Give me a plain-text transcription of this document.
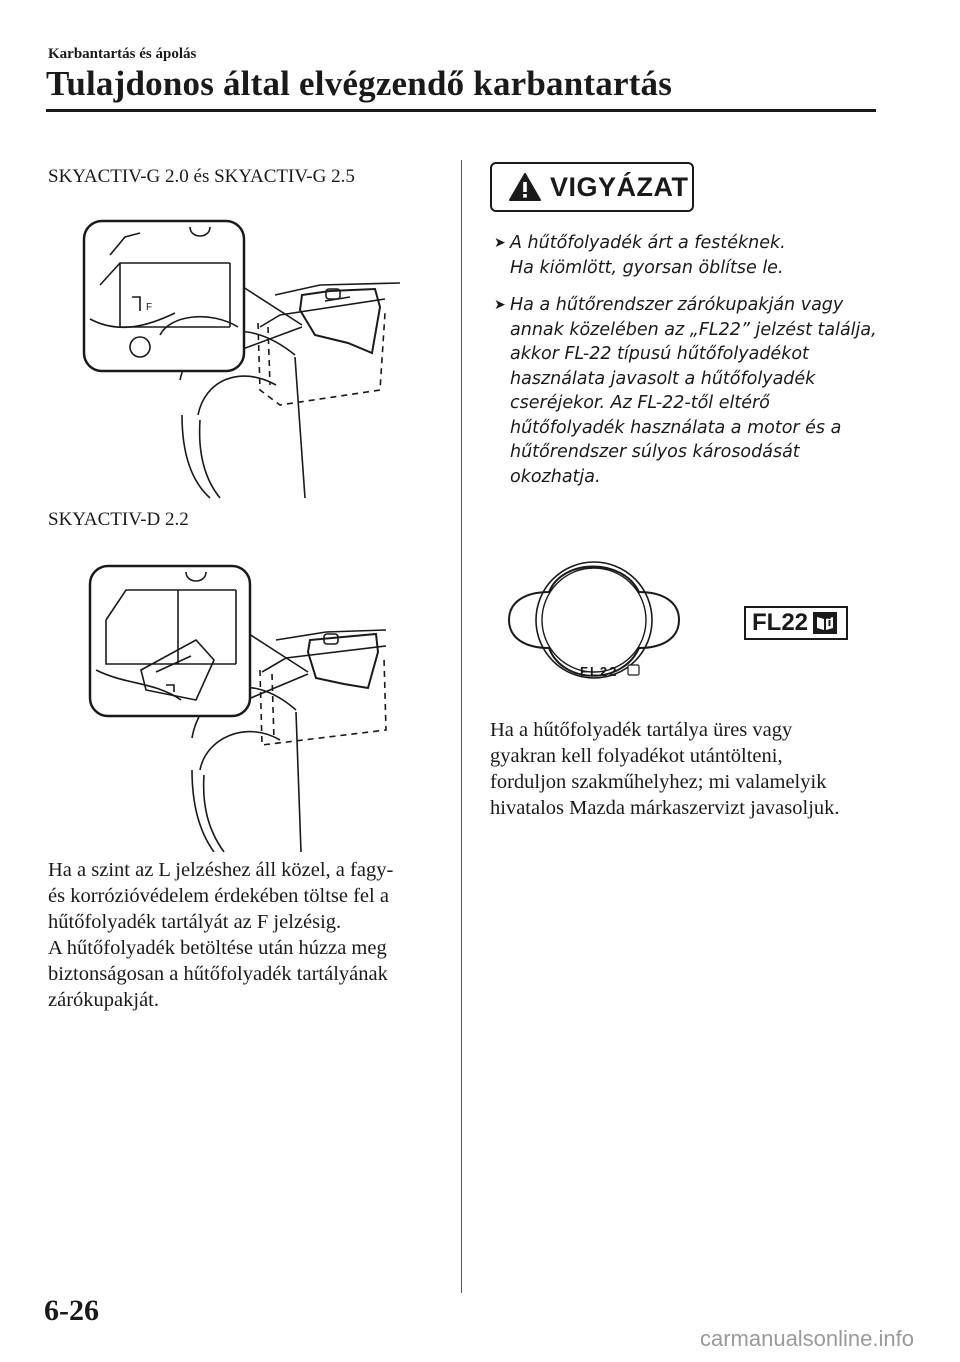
Karbantartás és ápolás
Tulajdonos által elvégzendő karbantartás
SKYACTIV-G 2.0 és SKYACTIV-G 2.5
F
SKYACTIV-D 2.2
Ha a szint az L jelzéshez áll közel, a fagy-
és korrózióvédelem érdekében töltse fel a
hűtőfolyadék tartályát az F jelzésig.
A hűtőfolyadék betöltése után húzza meg
biztonságosan a hűtőfolyadék tartályának
zárókupakját.
VIGYÁZAT
➤ A hűtőfolyadék árt a festéknek.
Ha kiömlött, gyorsan öblítse le.
➤ Ha a hűtőrendszer zárókupakján vagy
annak közelében az „FL22” jelzést találja,
akkor FL-22 típusú hűtőfolyadékot
használata javasolt a hűtőfolyadék
cseréjekor. Az FL-22-től eltérő
hűtőfolyadék használata a motor és a
hűtőrendszer súlyos károsodását
okozhatja.
FL22
FL22
Ha a hűtőfolyadék tartálya üres vagy
gyakran kell folyadékot utántölteni,
forduljon szakműhelyhez; mi valamelyik
hivatalos Mazda márkaszervizt javasoljuk.
6-26
carmanualsonline.info
